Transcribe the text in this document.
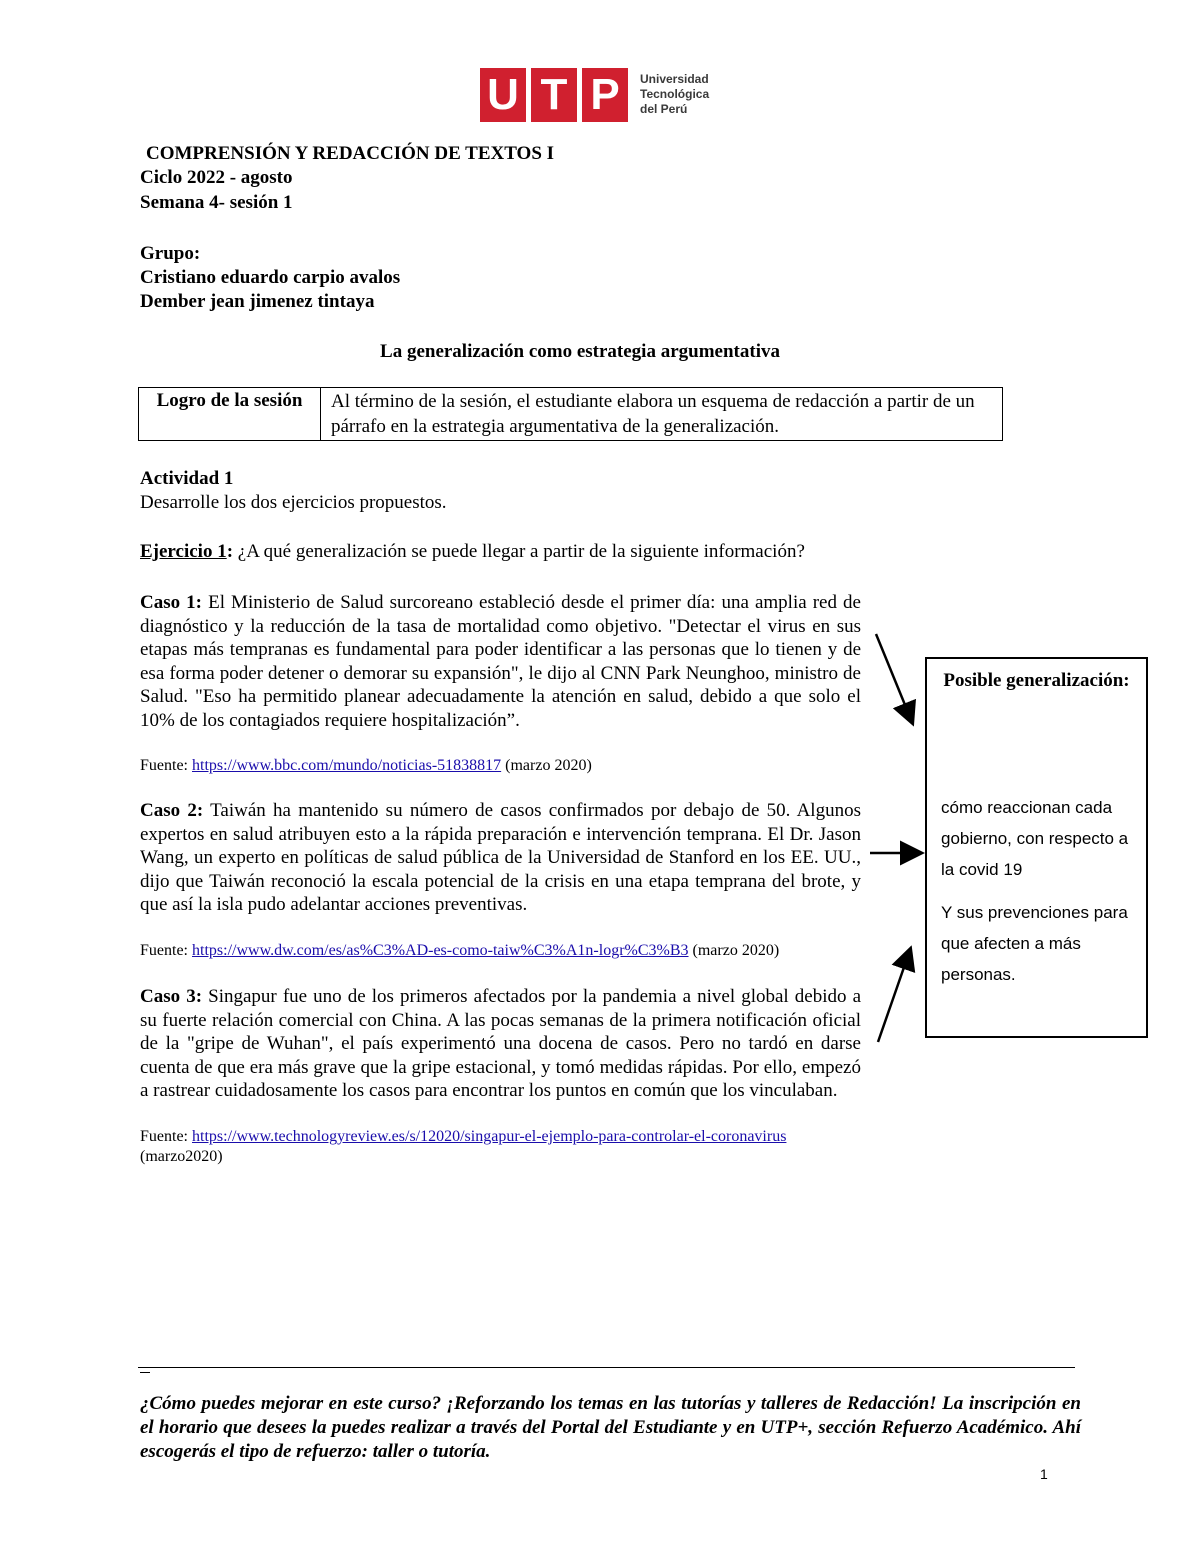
U T P	Universidad
Tecnológica
del Perú
COMPRENSIÓN Y REDACCIÓN DE TEXTOS I
Ciclo 2022 - agosto
Semana 4- sesión 1
Grupo:
Cristiano eduardo carpio avalos
Dember jean jimenez tintaya
La generalización como estrategia argumentativa
Logro de la sesión	Al término de la sesión, el estudiante elabora un esquema de redacción a partir de un párrafo en la estrategia argumentativa de la generalización.
Actividad 1
Desarrolle los dos ejercicios propuestos.
Ejercicio 1: ¿A qué generalización se puede llegar a partir de la siguiente información?
Caso 1: El Ministerio de Salud surcoreano estableció desde el primer día: una amplia red de diagnóstico y la reducción de la tasa de mortalidad como objetivo. "Detectar el virus en sus etapas más tempranas es fundamental para poder identificar a las personas que lo tienen y de esa forma poder detener o demorar su expansión", le dijo al CNN Park Neunghoo, ministro de Salud. "Eso ha permitido planear adecuadamente la atención en salud, debido a que solo el 10% de los contagiados requiere hospitalización”.
Fuente: https://www.bbc.com/mundo/noticias-51838817 (marzo 2020)
Caso 2: Taiwán ha mantenido su número de casos confirmados por debajo de 50. Algunos expertos en salud atribuyen esto a la rápida preparación e intervención temprana. El Dr. Jason Wang, un experto en políticas de salud pública de la Universidad de Stanford en los EE. UU., dijo que Taiwán reconoció la escala potencial de la crisis en una etapa temprana del brote, y que así la isla pudo adelantar acciones preventivas.
Fuente: https://www.dw.com/es/as%C3%AD-es-como-taiw%C3%A1n-logr%C3%B3 (marzo 2020)
Caso 3: Singapur fue uno de los primeros afectados por la pandemia a nivel global debido a su fuerte relación comercial con China. A las pocas semanas de la primera notificación oficial de la "gripe de Wuhan", el país experimentó una docena de casos. Pero no tardó en darse cuenta de que era más grave que la gripe estacional, y tomó medidas rápidas. Por ello, empezó a rastrear cuidadosamente los casos para encontrar los puntos en común que los vinculaban.
Fuente: https://www.technologyreview.es/s/12020/singapur-el-ejemplo-para-controlar-el-coronavirus (marzo2020)
Posible generalización:
cómo reaccionan cada gobierno, con respecto a la covid 19
Y sus prevenciones para que afecten a más personas.
¿Cómo puedes mejorar en este curso? ¡Reforzando los temas en las tutorías y talleres de Redacción! La inscripción en el horario que desees la puedes realizar a través del Portal del Estudiante y en UTP+, sección Refuerzo Académico. Ahí escogerás el tipo de refuerzo: taller o tutoría.
1
